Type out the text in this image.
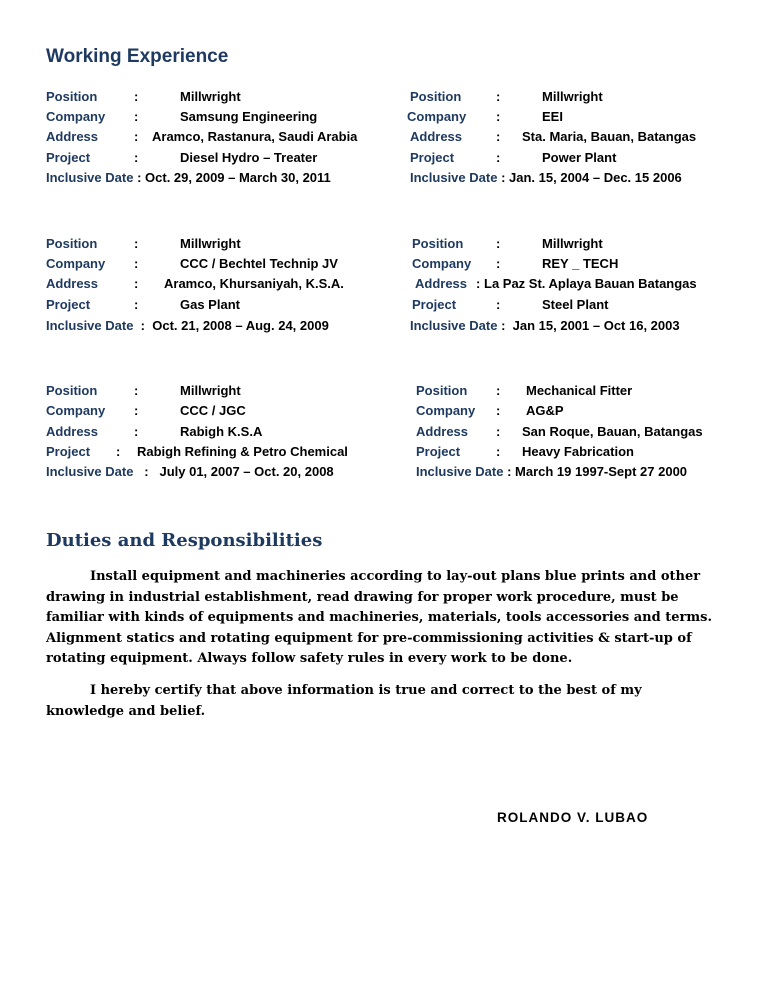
Working Experience
Position	:	Millwright
Company :	Samsung Engineering
Address	: Aramco, Rastanura, Saudi Arabia
Project	:	Diesel Hydro – Treater
Inclusive Date : Oct. 29, 2009 – March 30, 2011
Position	:	Millwright
Company :	EEI
Address	: Sta. Maria, Bauan, Batangas
Project	:	Power Plant
Inclusive Date : Jan. 15, 2004 – Dec. 15 2006
Position	:	Millwright
Company :	CCC / Bechtel Technip JV
Address	: Aramco, Khursaniyah, K.S.A.
Project	:	Gas Plant
Inclusive Date : Oct. 21, 2008 – Aug. 24, 2009
Position	:	Millwright
Company :	REY _ TECH
Address : La Paz St. Aplaya Bauan Batangas
Project	:	Steel Plant
Inclusive Date : Jan 15, 2001 – Oct 16, 2003
Position	:	Millwright
Company :	CCC / JGC
Address	:	Rabigh K.S.A
Project : Rabigh Refining & Petro Chemical
Inclusive Date : July 01, 2007 – Oct. 20, 2008
Position : Mechanical Fitter
Company : AG&P
Address : San Roque, Bauan, Batangas
Project	: Heavy Fabrication
Inclusive Date : March 19 1997-Sept 27 2000
Duties and Responsibilities

Install equipment and machineries according to lay-out plans blue prints and other drawing in industrial establishment, read drawing for proper work procedure, must be familiar with kinds of equipments and machineries, materials, tools accessories and terms. Alignment statics and rotating equipment for pre-commissioning activities & start-up of rotating equipment. Always follow safety rules in every work to be done.

I hereby certify that above information is true and correct to the best of my knowledge and belief.

ROLANDO V. LUBAO
